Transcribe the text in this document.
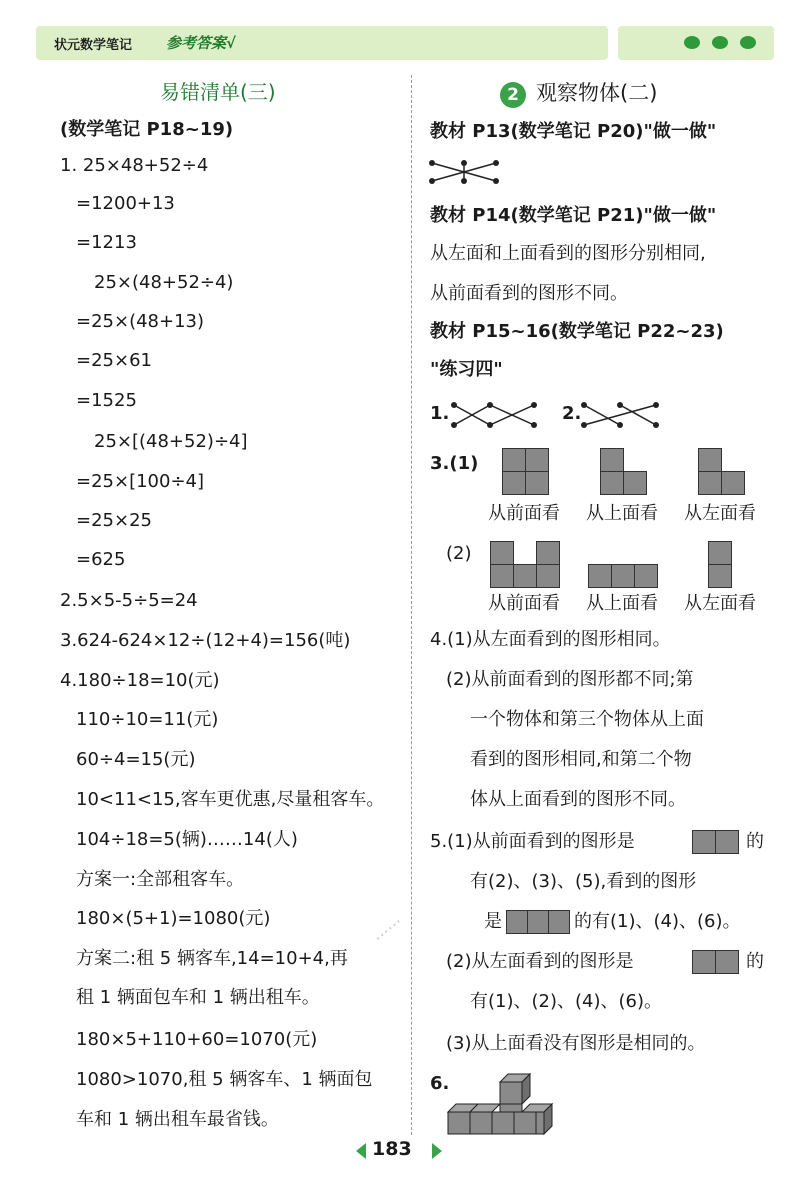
状元数学笔记 参考答案√
易错清单(三)
(数学笔记 P18~19)
1. 25×48+52÷4
=1200+13
=1213
25×(48+52÷4)
=25×(48+13)
=25×61
=1525
25×[(48+52)÷4]
=25×[100÷4]
=25×25
=625
2.5×5-5÷5=24
3.624-624×12÷(12+4)=156(吨)
4.180÷18=10(元)
110÷10=11(元)
60÷4=15(元)
10<11<15,客车更优惠,尽量租客车。
104÷18=5(辆)……14(人)
方案一:全部租客车。
180×(5+1)=1080(元)
方案二:租 5 辆客车,14=10+4,再
租 1 辆面包车和 1 辆出租车。
180×5+110+60=1070(元)
1080>1070,租 5 辆客车、1 辆面包
车和 1 辆出租车最省钱。
2 观察物体(二)
教材 P13(数学笔记 P20)"做一做"
教材 P14(数学笔记 P21)"做一做"
从左面和上面看到的图形分别相同,
从前面看到的图形不同。
教材 P15~16(数学笔记 P22~23)
"练习四"
1.	2.
3.(1)
从前面看 从上面看 从左面看
(2)
从前面看 从上面看 从左面看
4.(1)从左面看到的图形相同。
(2)从前面看到的图形都不同;第
一个物体和第三个物体从上面
看到的图形相同,和第二个物
体从上面看到的图形不同。
5.(1)从前面看到的图形是	的
有(2)、(3)、(5),看到的图形
是	的有(1)、(4)、(6)。
(2)从左面看到的图形是	的
有(1)、(2)、(4)、(6)。
(3)从上面看没有图形是相同的。
6.
⋯⋯
183
